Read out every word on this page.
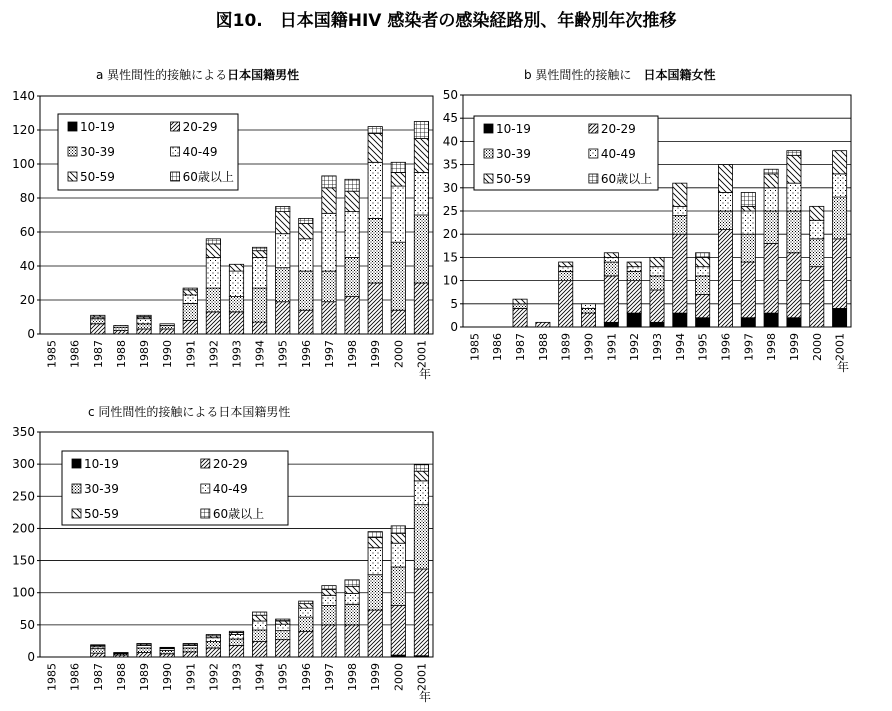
図10.　日本国籍HIV 感染者の感染経路別、年齢別年次推移
a 異性間性的接触による日本国籍男性	b 異性間性的接触に　日本国籍女性
c 同性間性的接触による日本国籍男性
0
20
40
60
80
100
120
140
1985 1986 1987 1988 1989 1990 1991 1992 1993 1994 1995 1996 1997 1998 1999 2000 2001
年
10-19	20-29
30-39	40-49
50-59	60歳以上
0
5
10
15
20
25
30
35
40
45
50
1985 1986 1987 1988 1989 1990 1991 1992 1993 1994 1995 1996 1997 1998 1999 2000 2001
年
10-19	20-29
30-39	40-49
50-59	60歳以上
0
50
100
150
200
250
300
350
1985 1986 1987 1988 1989 1990 1991 1992 1993 1994 1995 1996 1997 1998 1999 2000 2001
年
10-19	20-29
30-39	40-49
50-59	60歳以上
